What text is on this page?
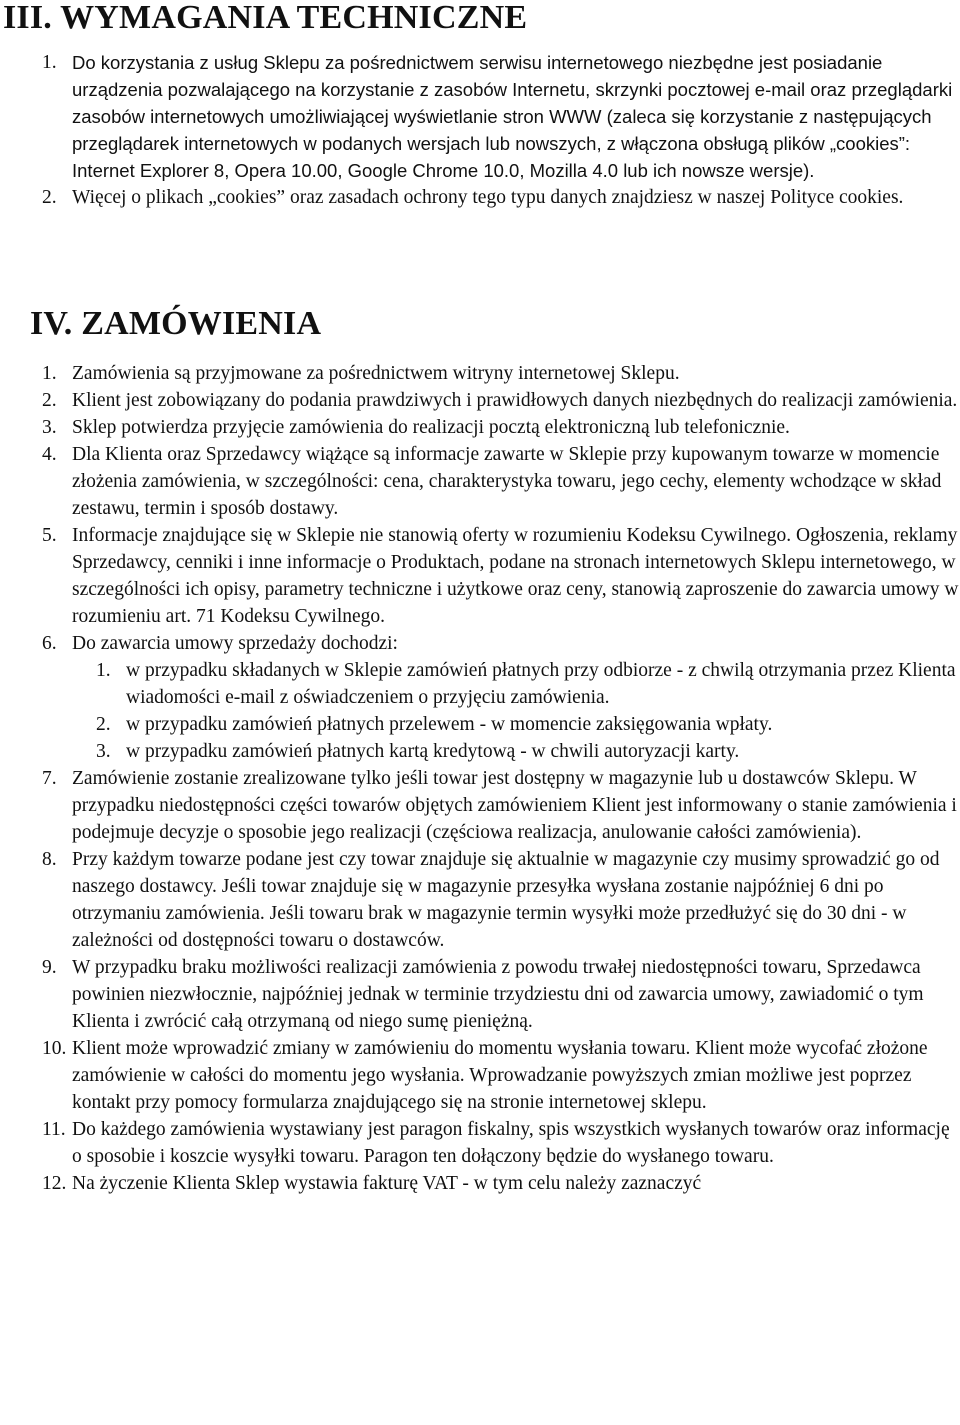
III. WYMAGANIA TECHNICZNE
1. Do korzystania z usług Sklepu za pośrednictwem serwisu internetowego niezbędne jest posiadanie urządzenia pozwalającego na korzystanie z zasobów Internetu, skrzynki pocztowej e-mail oraz przeglądarki zasobów internetowych umożliwiającej wyświetlanie stron WWW (zaleca się korzystanie z następujących przeglądarek internetowych w podanych wersjach lub nowszych, z włączona obsługą plików „cookies”: Internet Explorer 8, Opera 10.00, Google Chrome 10.0, Mozilla 4.0 lub ich nowsze wersje).
2. Więcej o plikach „cookies” oraz zasadach ochrony tego typu danych znajdziesz w naszej Polityce cookies.
IV. ZAMÓWIENIA
1. Zamówienia są przyjmowane za pośrednictwem witryny internetowej Sklepu.
2. Klient jest zobowiązany do podania prawdziwych i prawidłowych danych niezbędnych do realizacji zamówienia.
3. Sklep potwierdza przyjęcie zamówienia do realizacji pocztą elektroniczną lub telefonicznie.
4. Dla Klienta oraz Sprzedawcy wiążące są informacje zawarte w Sklepie przy kupowanym towarze w momencie złożenia zamówienia, w szczególności: cena, charakterystyka towaru, jego cechy, elementy wchodzące w skład zestawu, termin i sposób dostawy.
5. Informacje znajdujące się w Sklepie nie stanowią oferty w rozumieniu Kodeksu Cywilnego. Ogłoszenia, reklamy Sprzedawcy, cenniki i inne informacje o Produktach, podane na stronach internetowych Sklepu internetowego, w szczególności ich opisy, parametry techniczne i użytkowe oraz ceny, stanowią zaproszenie do zawarcia umowy w rozumieniu art. 71 Kodeksu Cywilnego.
6. Do zawarcia umowy sprzedaży dochodzi:
1. w przypadku składanych w Sklepie zamówień płatnych przy odbiorze - z chwilą otrzymania przez Klienta wiadomości e-mail z oświadczeniem o przyjęciu zamówienia.
2. w przypadku zamówień płatnych przelewem - w momencie zaksięgowania wpłaty.
3. w przypadku zamówień płatnych kartą kredytową - w chwili autoryzacji karty.
7. Zamówienie zostanie zrealizowane tylko jeśli towar jest dostępny w magazynie lub u dostawców Sklepu. W przypadku niedostępności części towarów objętych zamówieniem Klient jest informowany o stanie zamówienia i podejmuje decyzje o sposobie jego realizacji (częściowa realizacja, anulowanie całości zamówienia).
8. Przy każdym towarze podane jest czy towar znajduje się aktualnie w magazynie czy musimy sprowadzić go od naszego dostawcy. Jeśli towar znajduje się w magazynie przesyłka wysłana zostanie najpóźniej 6 dni po otrzymaniu zamówienia. Jeśli towaru brak w magazynie termin wysyłki może przedłużyć się do 30 dni - w zależności od dostępności towaru o dostawców.
9. W przypadku braku możliwości realizacji zamówienia z powodu trwałej niedostępności towaru, Sprzedawca powinien niezwłocznie, najpóźniej jednak w terminie trzydziestu dni od zawarcia umowy, zawiadomić o tym Klienta i zwrócić całą otrzymaną od niego sumę pieniężną.
10. Klient może wprowadzić zmiany w zamówieniu do momentu wysłania towaru. Klient może wycofać złożone zamówienie w całości do momentu jego wysłania. Wprowadzanie powyższych zmian możliwe jest poprzez kontakt przy pomocy formularza znajdującego się na stronie internetowej sklepu.
11. Do każdego zamówienia wystawiany jest paragon fiskalny, spis wszystkich wysłanych towarów oraz informację o sposobie i koszcie wysyłki towaru. Paragon ten dołączony będzie do wysłanego towaru.
12. Na życzenie Klienta Sklep wystawia fakturę VAT - w tym celu należy zaznaczyć
